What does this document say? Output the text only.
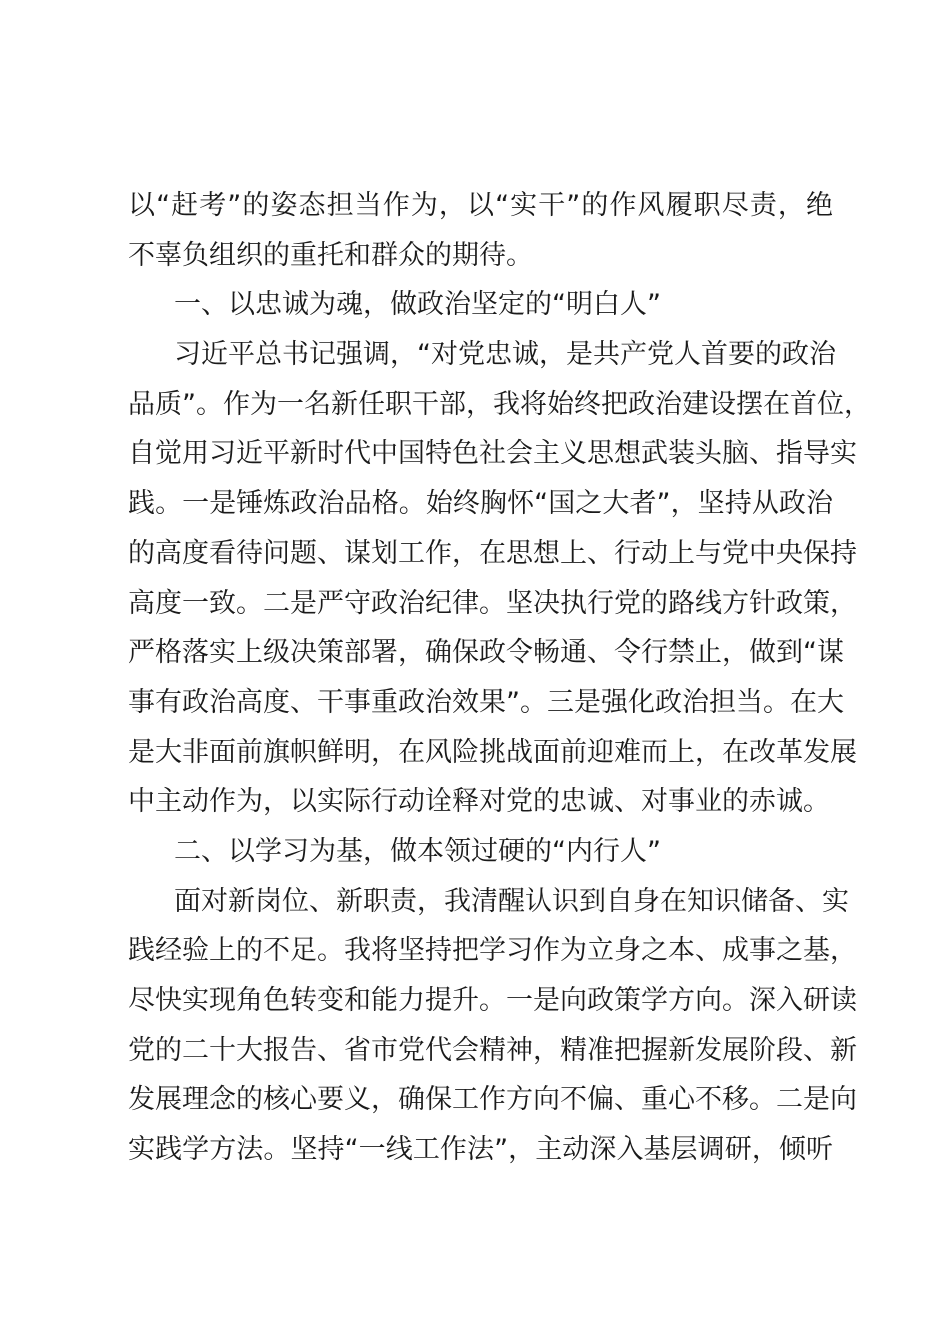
以“赶考”的姿态担当作为，以“实干”的作风履职尽责，绝
不辜负组织的重托和群众的期待。
一、以忠诚为魂，做政治坚定的“明白人”
习近平总书记强调，“对党忠诚，是共产党人首要的政治
品质”。作为一名新任职干部，我将始终把政治建设摆在首位，
自觉用习近平新时代中国特色社会主义思想武装头脑、指导实
践。一是锤炼政治品格。始终胸怀“国之大者”，坚持从政治
的高度看待问题、谋划工作，在思想上、行动上与党中央保持
高度一致。二是严守政治纪律。坚决执行党的路线方针政策，
严格落实上级决策部署，确保政令畅通、令行禁止，做到“谋
事有政治高度、干事重政治效果”。三是强化政治担当。在大
是大非面前旗帜鲜明，在风险挑战面前迎难而上，在改革发展
中主动作为，以实际行动诠释对党的忠诚、对事业的赤诚。
二、以学习为基，做本领过硬的“内行人”
面对新岗位、新职责，我清醒认识到自身在知识储备、实
践经验上的不足。我将坚持把学习作为立身之本、成事之基，
尽快实现角色转变和能力提升。一是向政策学方向。深入研读
党的二十大报告、省市党代会精神，精准把握新发展阶段、新
发展理念的核心要义，确保工作方向不偏、重心不移。二是向
实践学方法。坚持“一线工作法”，主动深入基层调研，倾听
